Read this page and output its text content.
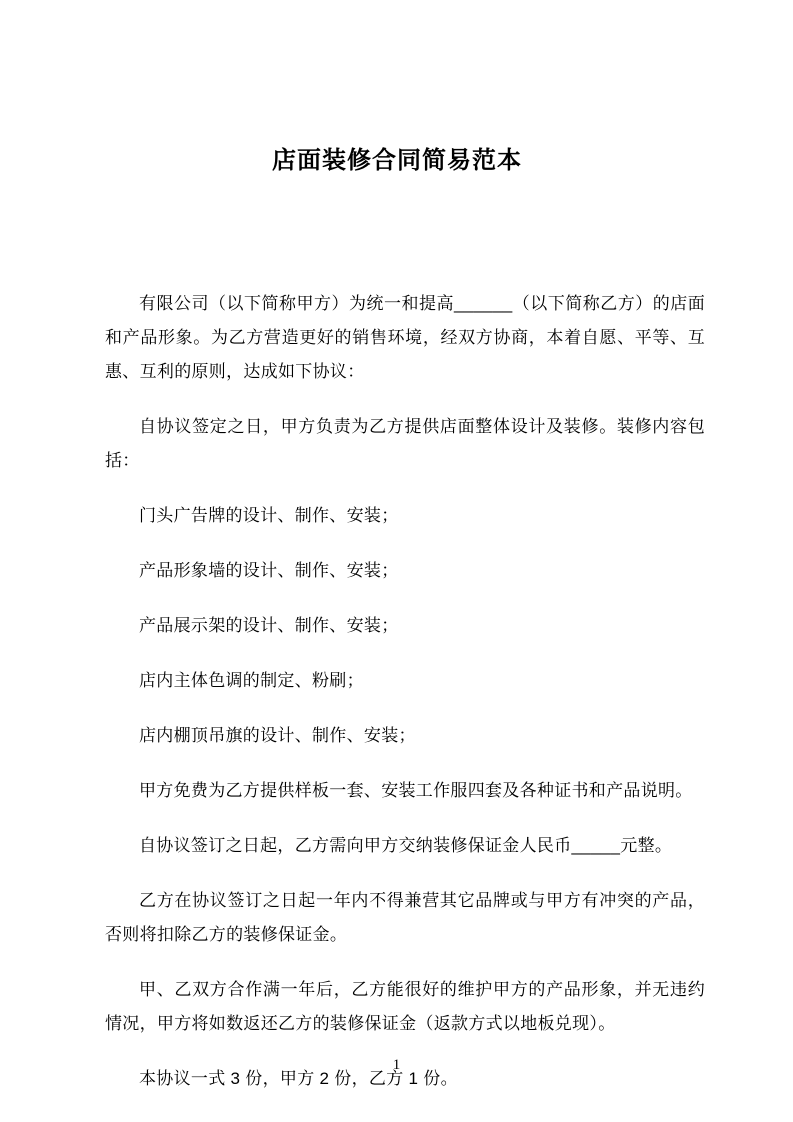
店面装修合同简易范本

有限公司（以下简称甲方）为统一和提高______（以下简称乙方）的店面和产品形象。为乙方营造更好的销售环境，经双方协商，本着自愿、平等、互惠、互利的原则，达成如下协议：

自协议签定之日，甲方负责为乙方提供店面整体设计及装修。装修内容包括：

门头广告牌的设计、制作、安装；

产品形象墙的设计、制作、安装；

产品展示架的设计、制作、安装；

店内主体色调的制定、粉刷；

店内棚顶吊旗的设计、制作、安装；

甲方免费为乙方提供样板一套、安装工作服四套及各种证书和产品说明。

自协议签订之日起，乙方需向甲方交纳装修保证金人民币_____元整。

乙方在协议签订之日起一年内不得兼营其它品牌或与甲方有冲突的产品，否则将扣除乙方的装修保证金。

甲、乙双方合作满一年后，乙方能很好的维护甲方的产品形象，并无违约情况，甲方将如数返还乙方的装修保证金（返款方式以地板兑现）。

本协议一式 3 份，甲方 2 份，乙方 1 份。

1
